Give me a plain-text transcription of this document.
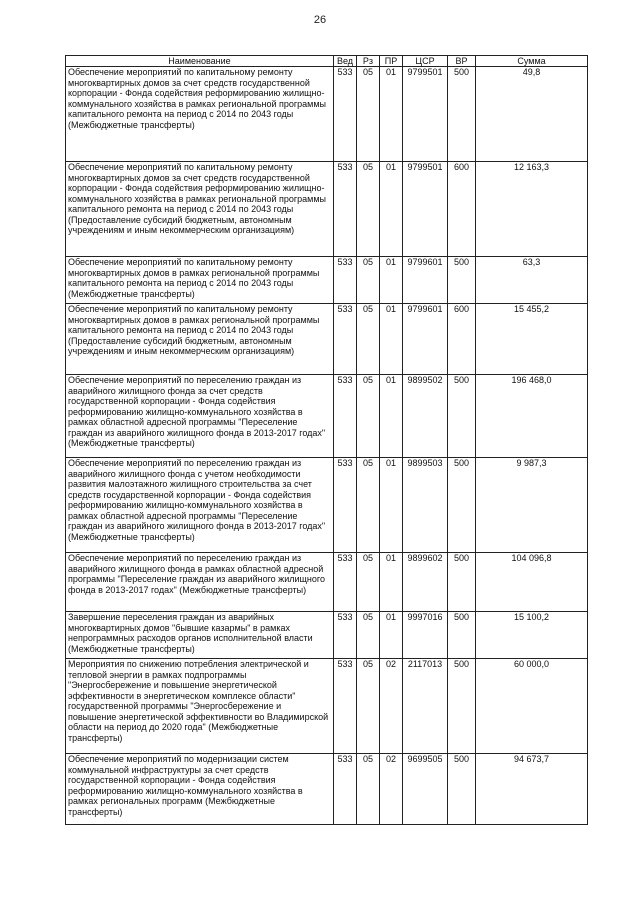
26
Наименование	Вед	Рз	ПР	ЦСР	ВР	Сумма
Обеспечение мероприятий по капитальному ремонту многоквартирных домов за счет средств государственной корпорации - Фонда содействия реформированию жилищно-коммунального хозяйства в рамках региональной программы капитального ремонта на период с 2014 по 2043 годы (Межбюджетные трансферты)	533	05	01	9799501	500	49,8
Обеспечение мероприятий по капитальному ремонту многоквартирных домов за счет средств государственной корпорации - Фонда содействия реформированию жилищно-коммунального хозяйства в рамках региональной программы капитального ремонта на период с 2014 по 2043 годы (Предоставление субсидий бюджетным, автономным учреждениям и иным некоммерческим организациям)	533	05	01	9799501	600	12 163,3
Обеспечение мероприятий по капитальному ремонту многоквартирных домов в рамках региональной программы капитального ремонта на период с 2014 по 2043 годы (Межбюджетные трансферты)	533	05	01	9799601	500	63,3
Обеспечение мероприятий по капитальному ремонту многоквартирных домов в рамках региональной программы капитального ремонта на период с 2014 по 2043 годы (Предоставление субсидий бюджетным, автономным учреждениям и иным некоммерческим организациям)	533	05	01	9799601	600	15 455,2
Обеспечение мероприятий по переселению граждан из аварийного жилищного фонда за счет средств государственной корпорации - Фонда содействия реформированию жилищно-коммунального хозяйства в рамках областной адресной программы "Переселение граждан из аварийного жилищного фонда в 2013-2017 годах" (Межбюджетные трансферты)	533	05	01	9899502	500	196 468,0
Обеспечение мероприятий по переселению граждан из аварийного жилищного фонда с учетом необходимости развития малоэтажного жилищного строительства за счет средств государственной корпорации - Фонда содействия реформированию жилищно-коммунального хозяйства в рамках областной адресной программы "Переселение граждан из аварийного жилищного фонда в 2013-2017 годах" (Межбюджетные трансферты)	533	05	01	9899503	500	9 987,3
Обеспечение мероприятий по переселению граждан из аварийного жилищного фонда в рамках областной адресной программы "Переселение граждан из аварийного жилищного фонда в 2013-2017 годах" (Межбюджетные трансферты)	533	05	01	9899602	500	104 096,8
Завершение переселения граждан из аварийных многоквартирных домов "бывшие казармы" в рамках непрограммных расходов органов исполнительной власти (Межбюджетные трансферты)	533	05	01	9997016	500	15 100,2
Мероприятия по снижению потребления электрической и тепловой энергии в рамках подпрограммы "Энергосбережение и повышение энергетической эффективности в энергетическом комплексе области" государственной программы "Энергосбережение и повышение энергетической эффективности во Владимирской области на период до 2020 года" (Межбюджетные трансферты)	533	05	02	2117013	500	60 000,0
Обеспечение мероприятий по модернизации систем коммунальной инфраструктуры за счет средств государственной корпорации - Фонда содействия реформированию жилищно-коммунального хозяйства в рамках региональных программ (Межбюджетные трансферты)	533	05	02	9699505	500	94 673,7
